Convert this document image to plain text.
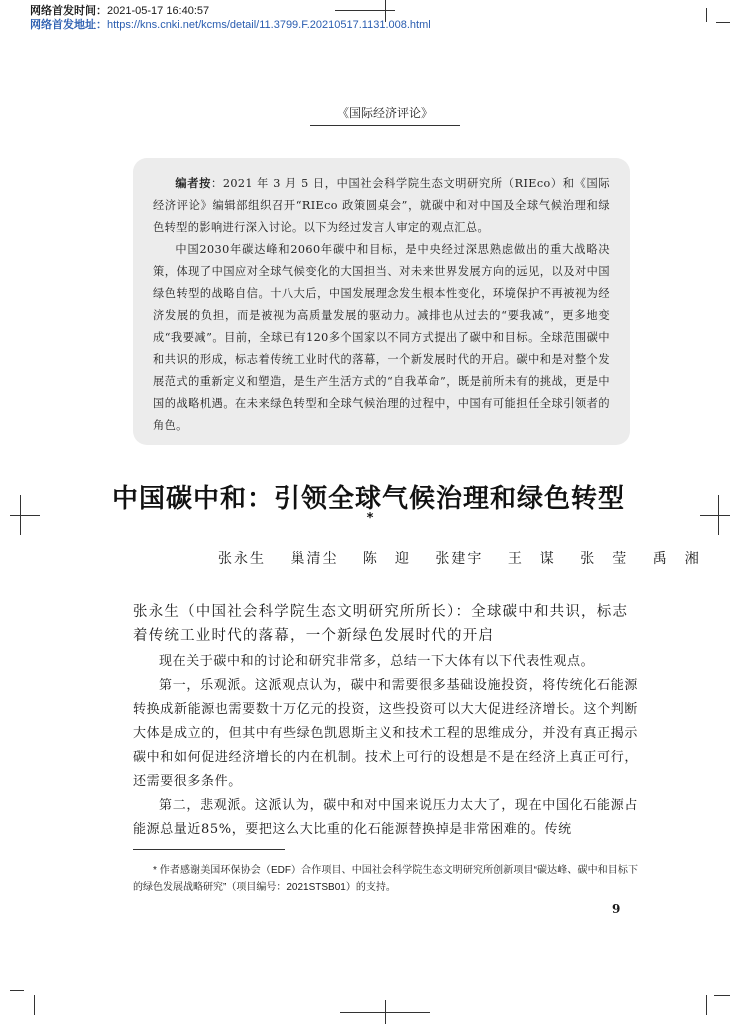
网络首发时间：2021-05-17 16:40:57
网络首发地址：https://kns.cnki.net/kcms/detail/11.3799.F.20210517.1131.008.html
《国际经济评论》

编者按：2021 年 3 月 5 日，中国社会科学院生态文明研究所（RIEco）和《国际经济评论》编辑部组织召开“RIEco 政策圆桌会”，就碳中和对中国及全球气候治理和绿色转型的影响进行深入讨论。以下为经过发言人审定的观点汇总。

中国2030年碳达峰和2060年碳中和目标，是中央经过深思熟虑做出的重大战略决策，体现了中国应对全球气候变化的大国担当、对未来世界发展方向的远见，以及对中国绿色转型的战略自信。十八大后，中国发展理念发生根本性变化，环境保护不再被视为经济发展的负担，而是被视为高质量发展的驱动力。减排也从过去的“要我减”，更多地变成“我要减”。目前，全球已有120多个国家以不同方式提出了碳中和目标。全球范围碳中和共识的形成，标志着传统工业时代的落幕，一个新发展时代的开启。碳中和是对整个发展范式的重新定义和塑造，是生产生活方式的“自我革命”，既是前所未有的挑战，更是中国的战略机遇。在未来绿色转型和全球气候治理的过程中，中国有可能担任全球引领者的角色。

中国碳中和：引领全球气候治理和绿色转型*
张永生 巢清尘 陈　迎 张建宇 王　谋 张　莹 禹　湘
张永生（中国社会科学院生态文明研究所所长）：全球碳中和共识，标志着传统工业时代的落幕，一个新绿色发展时代的开启

现在关于碳中和的讨论和研究非常多，总结一下大体有以下代表性观点。

第一，乐观派。这派观点认为，碳中和需要很多基础设施投资，将传统化石能源转换成新能源也需要数十万亿元的投资，这些投资可以大大促进经济增长。这个判断大体是成立的，但其中有些绿色凯恩斯主义和技术工程的思维成分，并没有真正揭示碳中和如何促进经济增长的内在机制。技术上可行的设想是不是在经济上真正可行，还需要很多条件。

第二，悲观派。这派认为，碳中和对中国来说压力太大了，现在中国化石能源占能源总量近85%，要把这么大比重的化石能源替换掉是非常困难的。传统

* 作者感谢美国环保协会（EDF）合作项目、中国社会科学院生态文明研究所创新项目“碳达峰、碳中和目标下的绿色发展战略研究”（项目编号：2021STSB01）的支持。
9
